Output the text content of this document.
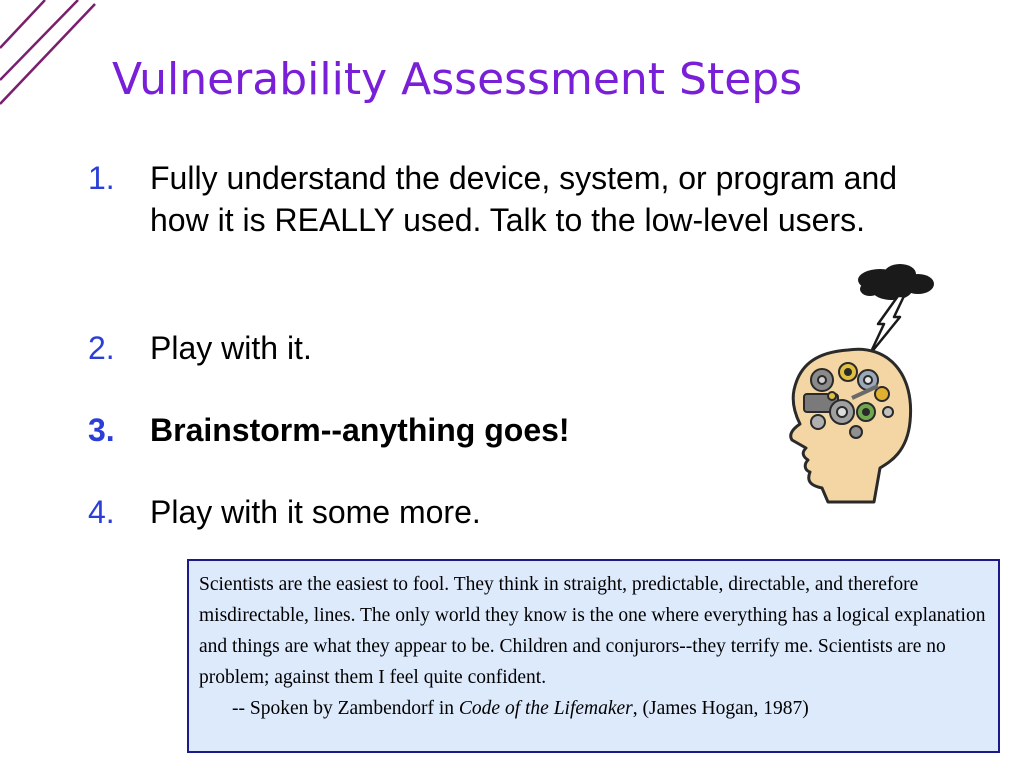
Vulnerability Assessment Steps
1.	Fully understand the device, system, or program and how it is REALLY used. Talk to the low-level users.
2.	Play with it.
3.	Brainstorm--anything goes!
4.	Play with it some more.
Scientists are the easiest to fool. They think in straight, predictable, directable, and therefore misdirectable, lines. The only world they know is the one where everything has a logical explanation and things are what they appear to be. Children and conjurors--they terrify me. Scientists are no problem; against them I feel quite confident.
-- Spoken by Zambendorf in Code of the Lifemaker, (James Hogan, 1987)
